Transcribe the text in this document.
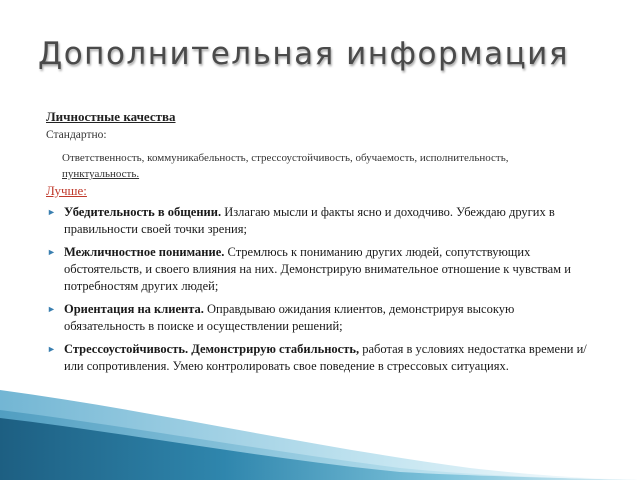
Дополнительная информация
Личностные качества
Стандартно:
Ответственность, коммуникабельность, стрессоустойчивость, обучаемость, исполнительность, пунктуальность.
Лучше:
► Убедительность в общении. Излагаю мысли и факты ясно и доходчиво. Убеждаю других в правильности своей точки зрения;
► Межличностное понимание. Стремлюсь к пониманию других людей, сопутствующих обстоятельств, и своего влияния на них. Демонстрирую внимательное отношение к чувствам и потребностям других людей;
► Ориентация на клиента. Оправдываю ожидания клиентов, демонстрируя высокую обязательность в поиске и осуществлении решений;
► Стрессоустойчивость. Демонстрирую стабильность, работая в условиях недостатка времени и/или сопротивления. Умею контролировать свое поведение в стрессовых ситуациях.
